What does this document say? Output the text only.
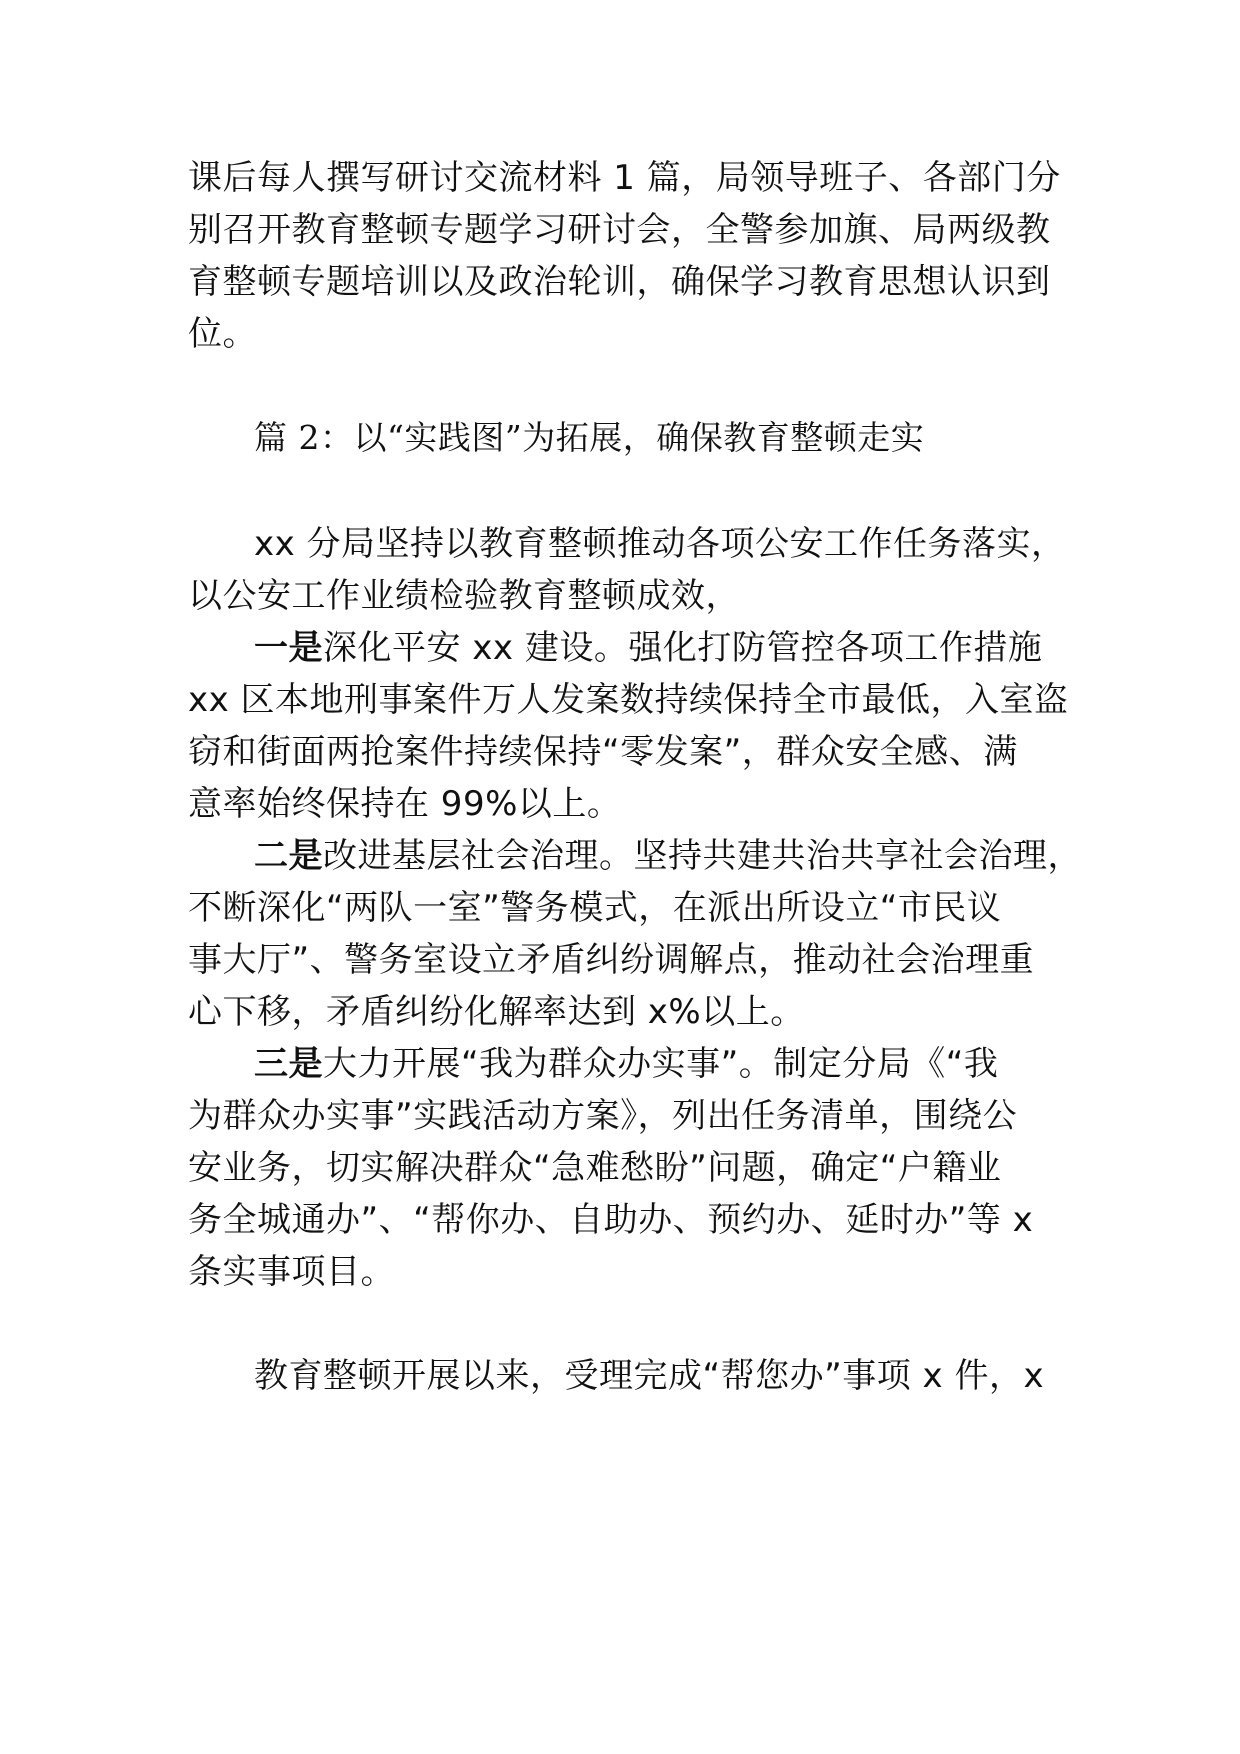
课后每人撰写研讨交流材料 1 篇，局领导班子、各部门分
别召开教育整顿专题学习研讨会，全警参加旗、局两级教
育整顿专题培训以及政治轮训，确保学习教育思想认识到
位。
篇 2：以“实践图”为拓展，确保教育整顿走实
xx 分局坚持以教育整顿推动各项公安工作任务落实，
以公安工作业绩检验教育整顿成效，
一是深化平安 xx 建设。强化打防管控各项工作措施
xx 区本地刑事案件万人发案数持续保持全市最低，入室盗
窃和街面两抢案件持续保持“零发案”，群众安全感、满
意率始终保持在 99%以上。
二是改进基层社会治理。坚持共建共治共享社会治理，
不断深化“两队一室”警务模式，在派出所设立“市民议
事大厅”、警务室设立矛盾纠纷调解点，推动社会治理重
心下移，矛盾纠纷化解率达到 x%以上。
三是大力开展“我为群众办实事”。制定分局《“我
为群众办实事”实践活动方案》，列出任务清单，围绕公
安业务，切实解决群众“急难愁盼”问题，确定“户籍业
务全城通办”、“帮你办、自助办、预约办、延时办”等 x
条实事项目。
教育整顿开展以来，受理完成“帮您办”事项 x 件，x
